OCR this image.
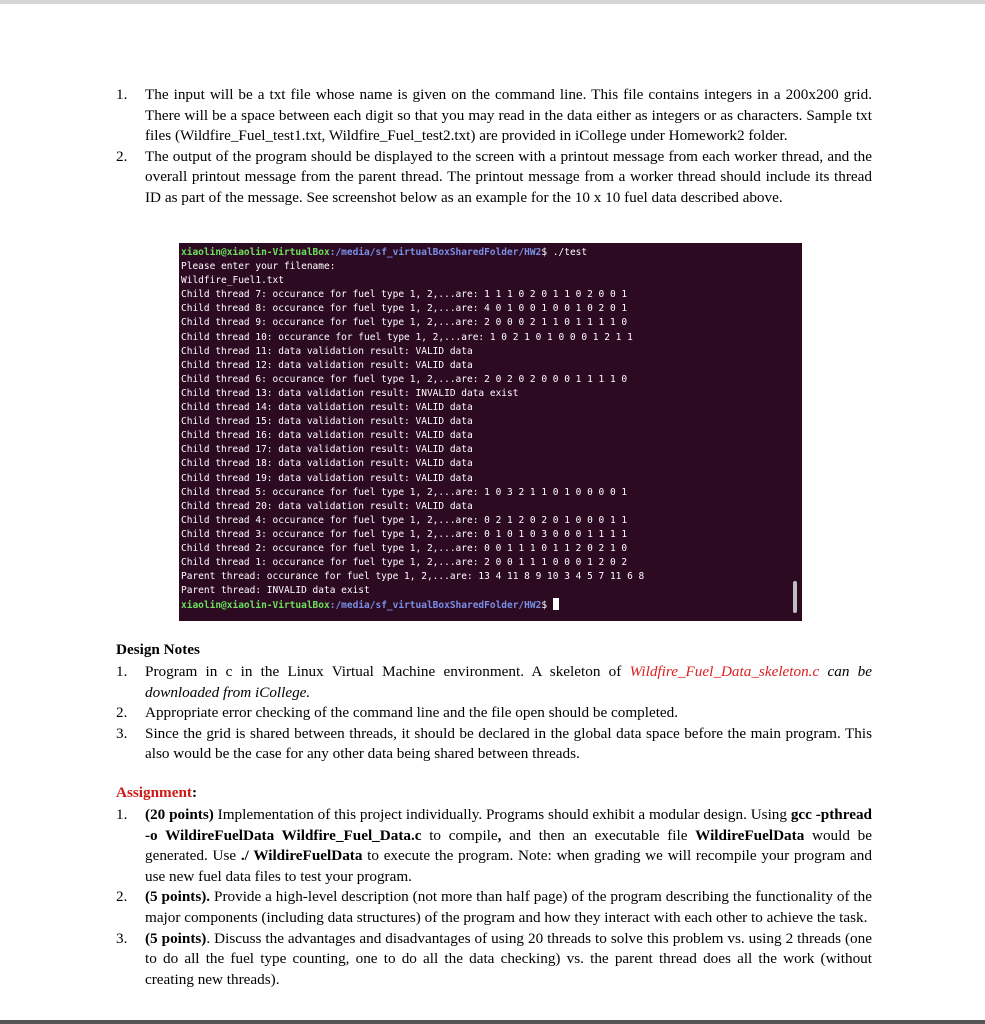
1. The input will be a txt file whose name is given on the command line. This file contains integers in a 200x200 grid. There will be a space between each digit so that you may read in the data either as integers or as characters. Sample txt files (Wildfire_Fuel_test1.txt, Wildfire_Fuel_test2.txt) are provided in iCollege under Homework2 folder.
2. The output of the program should be displayed to the screen with a printout message from each worker thread, and the overall printout message from the parent thread. The printout message from a worker thread should include its thread ID as part of the message. See screenshot below as an example for the 10 x 10 fuel data described above.
xiaolin@xiaolin-VirtualBox:/media/sf_virtualBoxSharedFolder/HW2$ ./test
Please enter your filename:
Wildfire_Fuel1.txt
Child thread 7: occurance for fuel type 1, 2,...are: 1 1 1 0 2 0 1 1 0 2 0 0 1
Child thread 8: occurance for fuel type 1, 2,...are: 4 0 1 0 0 1 0 0 1 0 2 0 1
Child thread 9: occurance for fuel type 1, 2,...are: 2 0 0 0 2 1 1 0 1 1 1 1 0
Child thread 10: occurance for fuel type 1, 2,...are: 1 0 2 1 0 1 0 0 0 1 2 1 1
Child thread 11: data validation result: VALID data
Child thread 12: data validation result: VALID data
Child thread 6: occurance for fuel type 1, 2,...are: 2 0 2 0 2 0 0 0 1 1 1 1 0
Child thread 13: data validation result: INVALID data exist
Child thread 14: data validation result: VALID data
Child thread 15: data validation result: VALID data
Child thread 16: data validation result: VALID data
Child thread 17: data validation result: VALID data
Child thread 18: data validation result: VALID data
Child thread 19: data validation result: VALID data
Child thread 5: occurance for fuel type 1, 2,...are: 1 0 3 2 1 1 0 1 0 0 0 0 1
Child thread 20: data validation result: VALID data
Child thread 4: occurance for fuel type 1, 2,...are: 0 2 1 2 0 2 0 1 0 0 0 1 1
Child thread 3: occurance for fuel type 1, 2,...are: 0 1 0 1 0 3 0 0 0 1 1 1 1
Child thread 2: occurance for fuel type 1, 2,...are: 0 0 1 1 1 0 1 1 2 0 2 1 0
Child thread 1: occurance for fuel type 1, 2,...are: 2 0 0 1 1 1 0 0 0 1 2 0 2
Parent thread: occurance for fuel type 1, 2,...are: 13 4 11 8 9 10 3 4 5 7 11 6 8
Parent thread: INVALID data exist
xiaolin@xiaolin-VirtualBox:/media/sf_virtualBoxSharedFolder/HW2$
Design Notes
1. Program in c in the Linux Virtual Machine environment. A skeleton of Wildfire_Fuel_Data_skeleton.c can be downloaded from iCollege.
2. Appropriate error checking of the command line and the file open should be completed.
3. Since the grid is shared between threads, it should be declared in the global data space before the main program. This also would be the case for any other data being shared between threads.
Assignment:
1. (20 points) Implementation of this project individually. Programs should exhibit a modular design. Using gcc -pthread -o WildireFuelData Wildfire_Fuel_Data.c to compile, and then an executable file WildireFuelData would be generated. Use ./ WildireFuelData to execute the program. Note: when grading we will recompile your program and use new fuel data files to test your program.
2. (5 points). Provide a high-level description (not more than half page) of the program describing the functionality of the major components (including data structures) of the program and how they interact with each other to achieve the task.
3. (5 points). Discuss the advantages and disadvantages of using 20 threads to solve this problem vs. using 2 threads (one to do all the fuel type counting, one to do all the data checking) vs. the parent thread does all the work (without creating new threads).
